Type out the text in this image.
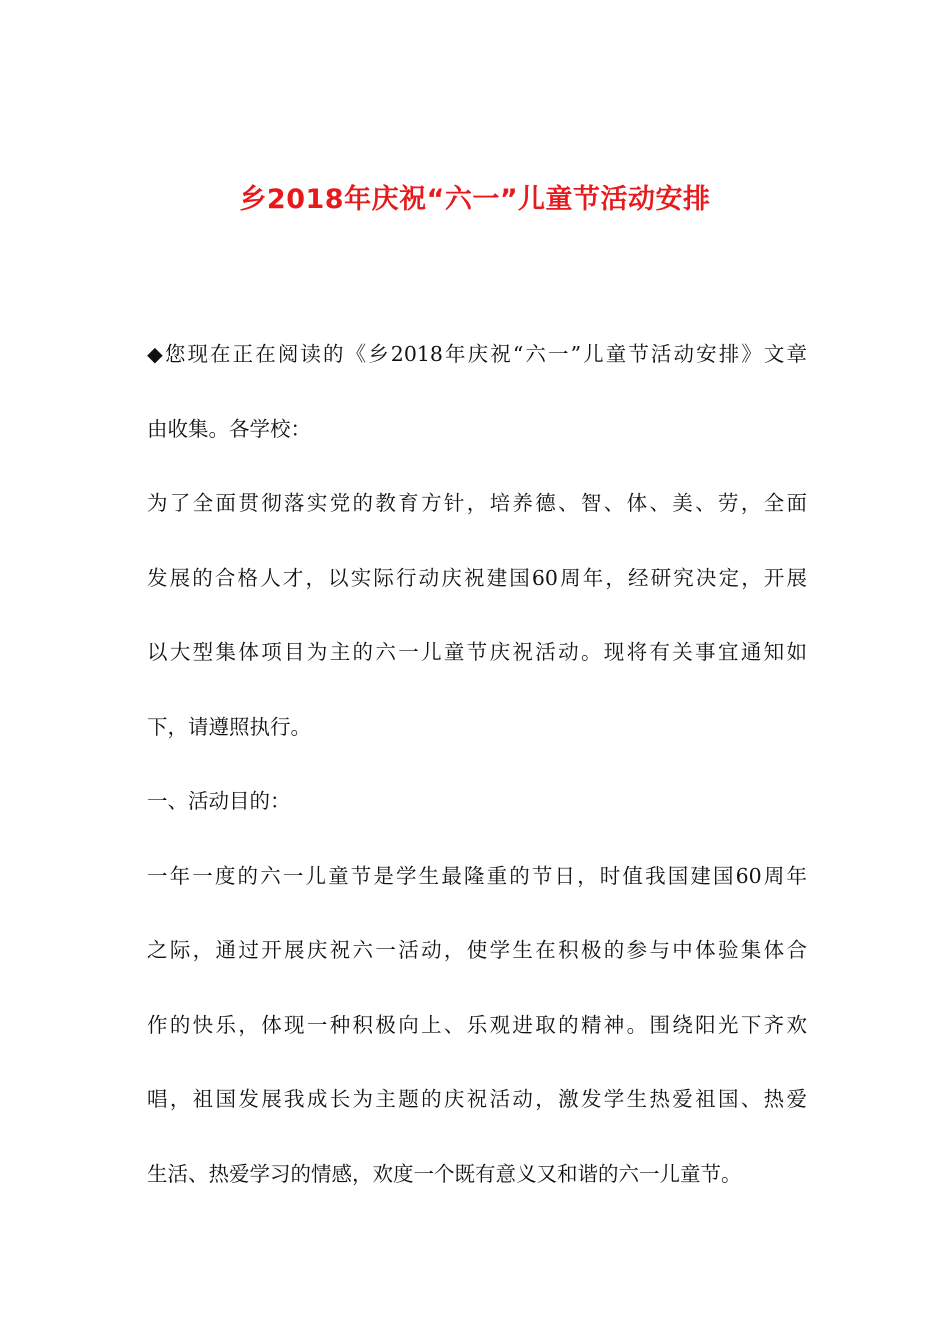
乡2018年庆祝“六一”儿童节活动安排
◆您现在正在阅读的《乡2018年庆祝“六一”儿童节活动安排》文章
由收集。各学校：
为了全面贯彻落实党的教育方针，培养德、智、体、美、劳，全面
发展的合格人才，以实际行动庆祝建国60周年，经研究决定，开展
以大型集体项目为主的六一儿童节庆祝活动。现将有关事宜通知如
下，请遵照执行。
一、活动目的：
一年一度的六一儿童节是学生最隆重的节日，时值我国建国60周年
之际，通过开展庆祝六一活动，使学生在积极的参与中体验集体合
作的快乐，体现一种积极向上、乐观进取的精神。围绕阳光下齐欢
唱，祖国发展我成长为主题的庆祝活动，激发学生热爱祖国、热爱
生活、热爱学习的情感，欢度一个既有意义又和谐的六一儿童节。
